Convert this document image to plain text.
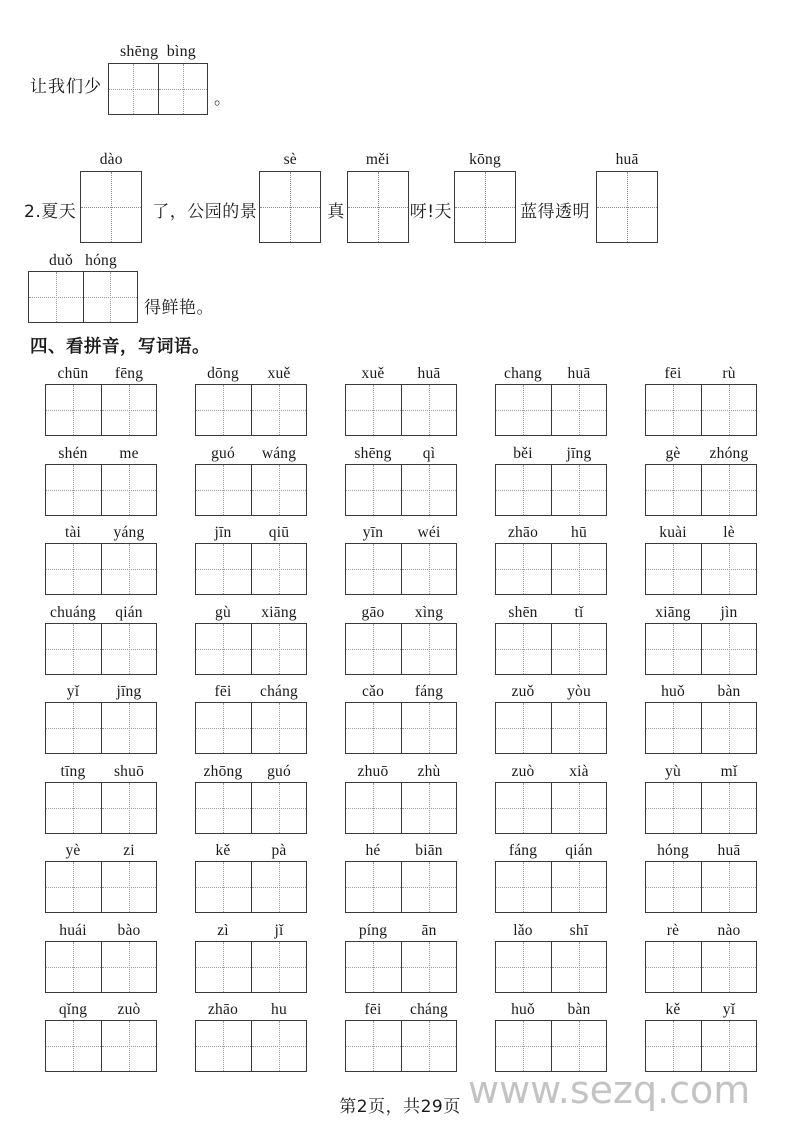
让我们少
shēng bìng
。
2.夏天
dào
了，公园的景
sè
真
měi
呀!天
kōng
蓝得透明
huā
duǒ hóng
得鲜艳。
四、看拼音，写词语。
chūn	fēng	dōng	xuě	xuě	huā	chang	huā	fēi	rù
shén	me	guó	wáng	shēng	qì	běi	jīng	gè	zhóng
tài	yáng	jīn	qiū	yīn	wéi	zhāo	hū	kuài	lè
chuáng	qián	gù	xiāng	gāo	xìng	shēn	tǐ	xiāng	jìn
yǐ	jīng	fēi	cháng	cǎo	fáng	zuǒ	yòu	huǒ	bàn
tīng	shuō	zhōng	guó	zhuō	zhù	zuò	xià	yù	mǐ
yè	zi	kě	pà	hé	biān	fáng	qián	hóng	huā
huái	bào	zì	jǐ	píng	ān	lǎo	shī	rè	nào
qǐng	zuò	zhāo	hu	fēi	cháng	huǒ	bàn	kě	yǐ
第2页，共29页 www.sezq.com
